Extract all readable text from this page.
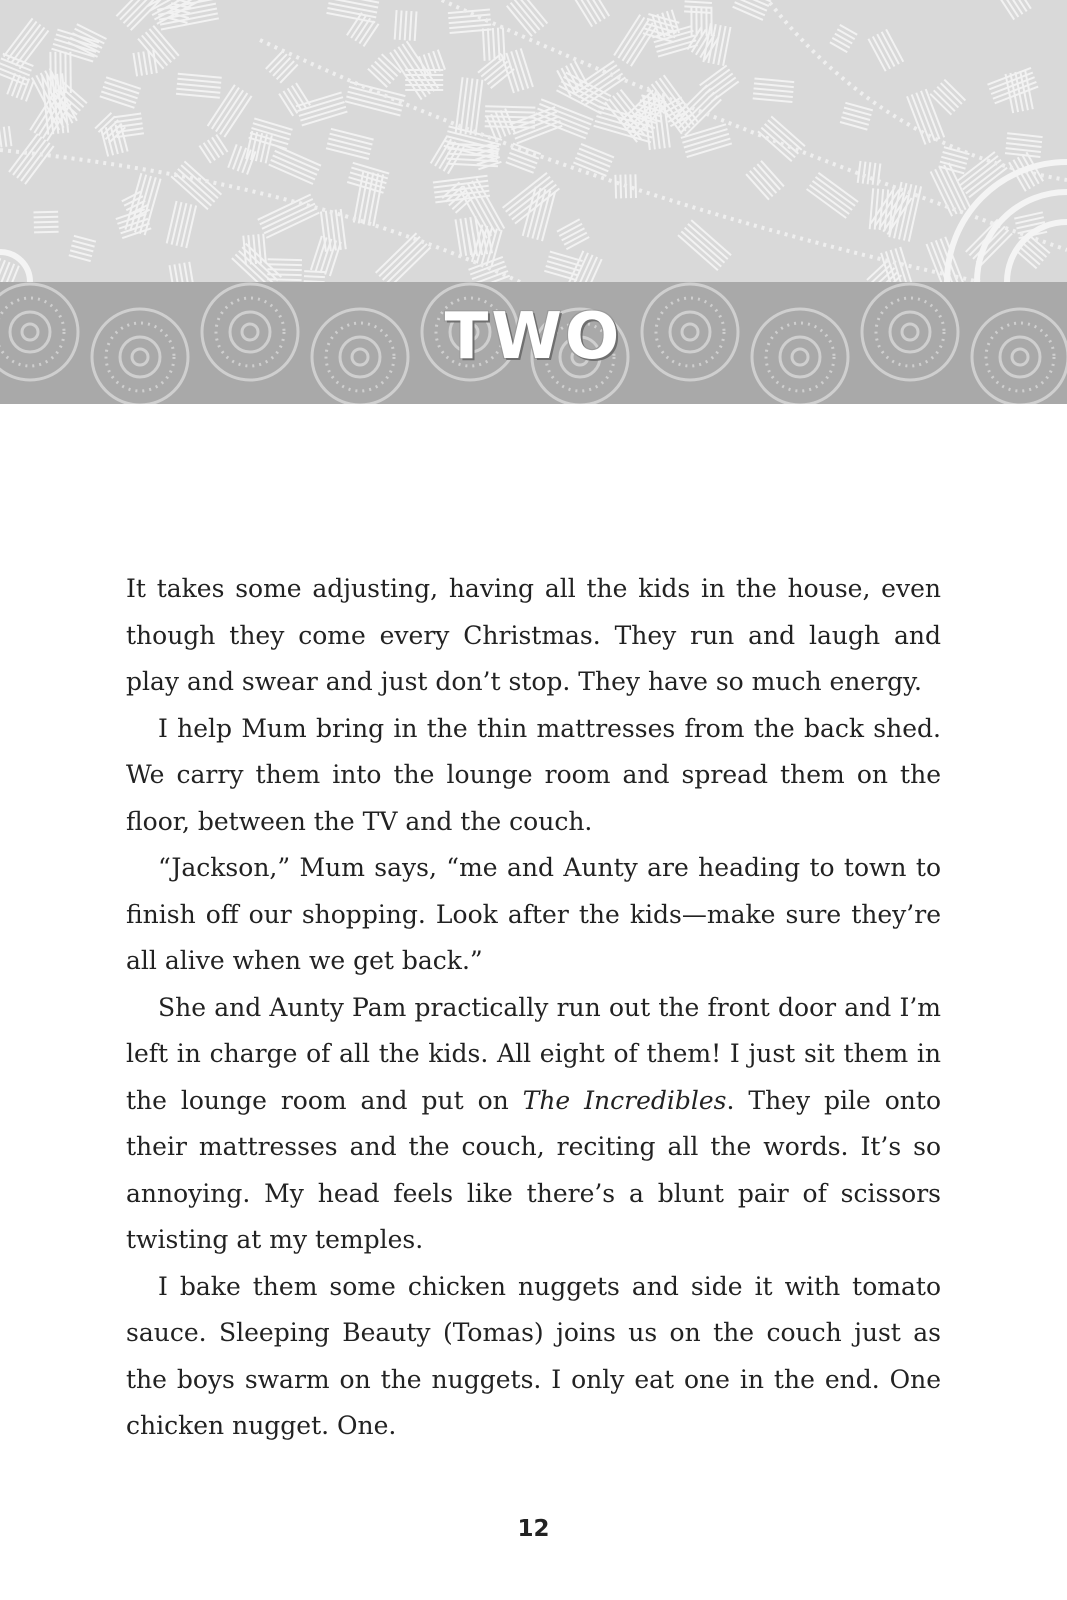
TWO

It takes some adjusting, having all the kids in the house, even though they come every Christmas. They run and laugh and play and swear and just don’t stop. They have so much energy.

I help Mum bring in the thin mattresses from the back shed. We carry them into the lounge room and spread them on the floor, between the TV and the couch.

“Jackson,” Mum says, “me and Aunty are heading to town to finish off our shopping. Look after the kids—make sure they’re all alive when we get back.”

She and Aunty Pam practically run out the front door and I’m left in charge of all the kids. All eight of them! I just sit them in the lounge room and put on The Incredibles. They pile onto their mattresses and the couch, reciting all the words. It’s so annoying. My head feels like there’s a blunt pair of scissors twisting at my temples.

I bake them some chicken nuggets and side it with tomato sauce. Sleeping Beauty (Tomas) joins us on the couch just as the boys swarm on the nuggets. I only eat one in the end. One chicken nugget. One.

12
